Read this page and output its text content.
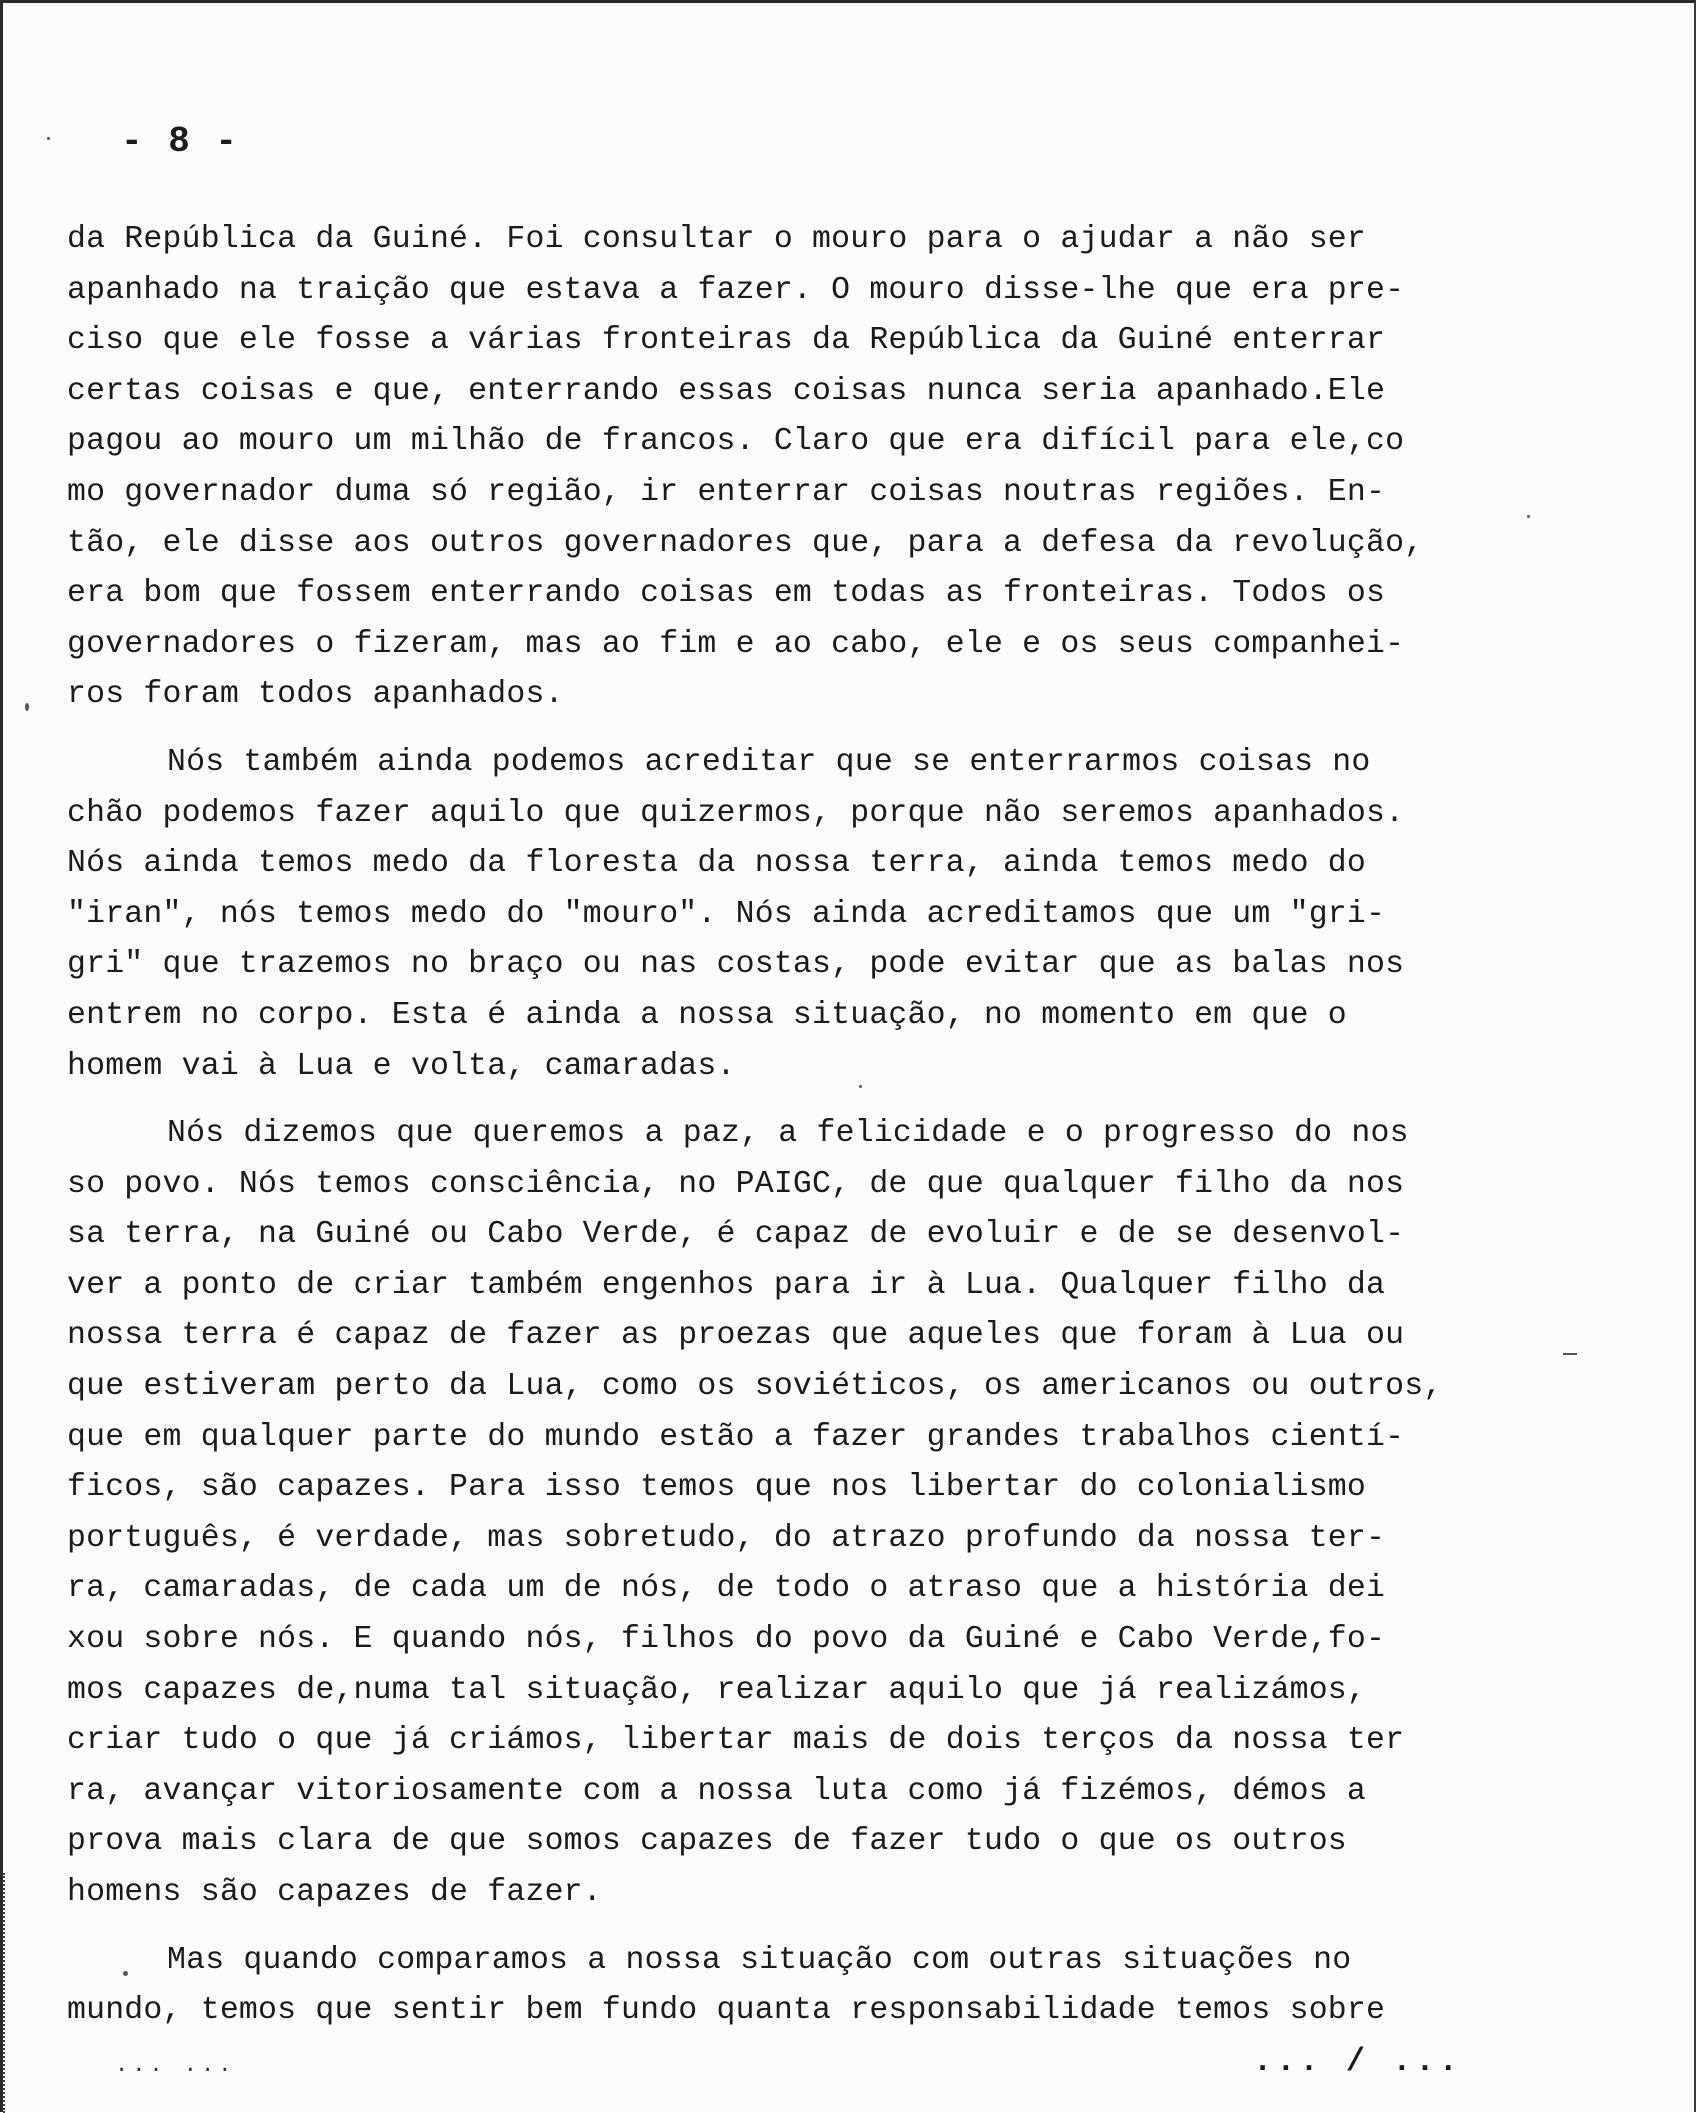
- 8 -
da República da Guiné. Foi consultar o mouro para o ajudar a não ser
apanhado na traição que estava a fazer. O mouro disse-lhe que era pre-
ciso que ele fosse a várias fronteiras da República da Guiné enterrar
certas coisas e que, enterrando essas coisas nunca seria apanhado.Ele
pagou ao mouro um milhão de francos. Claro que era difícil para ele,co
mo governador duma só região, ir enterrar coisas noutras regiões. En-
tão, ele disse aos outros governadores que, para a defesa da revolução,
era bom que fossem enterrando coisas em todas as fronteiras. Todos os
governadores o fizeram, mas ao fim e ao cabo, ele e os seus companhei-
ros foram todos apanhados.
Nós também ainda podemos acreditar que se enterrarmos coisas no
chão podemos fazer aquilo que quizermos, porque não seremos apanhados.
Nós ainda temos medo da floresta da nossa terra, ainda temos medo do
"iran", nós temos medo do "mouro". Nós ainda acreditamos que um "gri-
gri" que trazemos no braço ou nas costas, pode evitar que as balas nos
entrem no corpo. Esta é ainda a nossa situação, no momento em que o
homem vai à Lua e volta, camaradas.
Nós dizemos que queremos a paz, a felicidade e o progresso do nos
so povo. Nós temos consciência, no PAIGC, de que qualquer filho da nos
sa terra, na Guiné ou Cabo Verde, é capaz de evoluir e de se desenvol-
ver a ponto de criar também engenhos para ir à Lua. Qualquer filho da
nossa terra é capaz de fazer as proezas que aqueles que foram à Lua ou
que estiveram perto da Lua, como os soviéticos, os americanos ou outros,
que em qualquer parte do mundo estão a fazer grandes trabalhos cientí-
ficos, são capazes. Para isso temos que nos libertar do colonialismo
português, é verdade, mas sobretudo, do atrazo profundo da nossa ter-
ra, camaradas, de cada um de nós, de todo o atraso que a história dei
xou sobre nós. E quando nós, filhos do povo da Guiné e Cabo Verde,fo-
mos capazes de,numa tal situação, realizar aquilo que já realizámos,
criar tudo o que já criámos, libertar mais de dois terços da nossa ter
ra, avançar vitoriosamente com a nossa luta como já fizémos, démos a
prova mais clara de que somos capazes de fazer tudo o que os outros
homens são capazes de fazer.
Mas quando comparamos a nossa situação com outras situações no
mundo, temos que sentir bem fundo quanta responsabilidade temos sobre
... ...	... / ...
